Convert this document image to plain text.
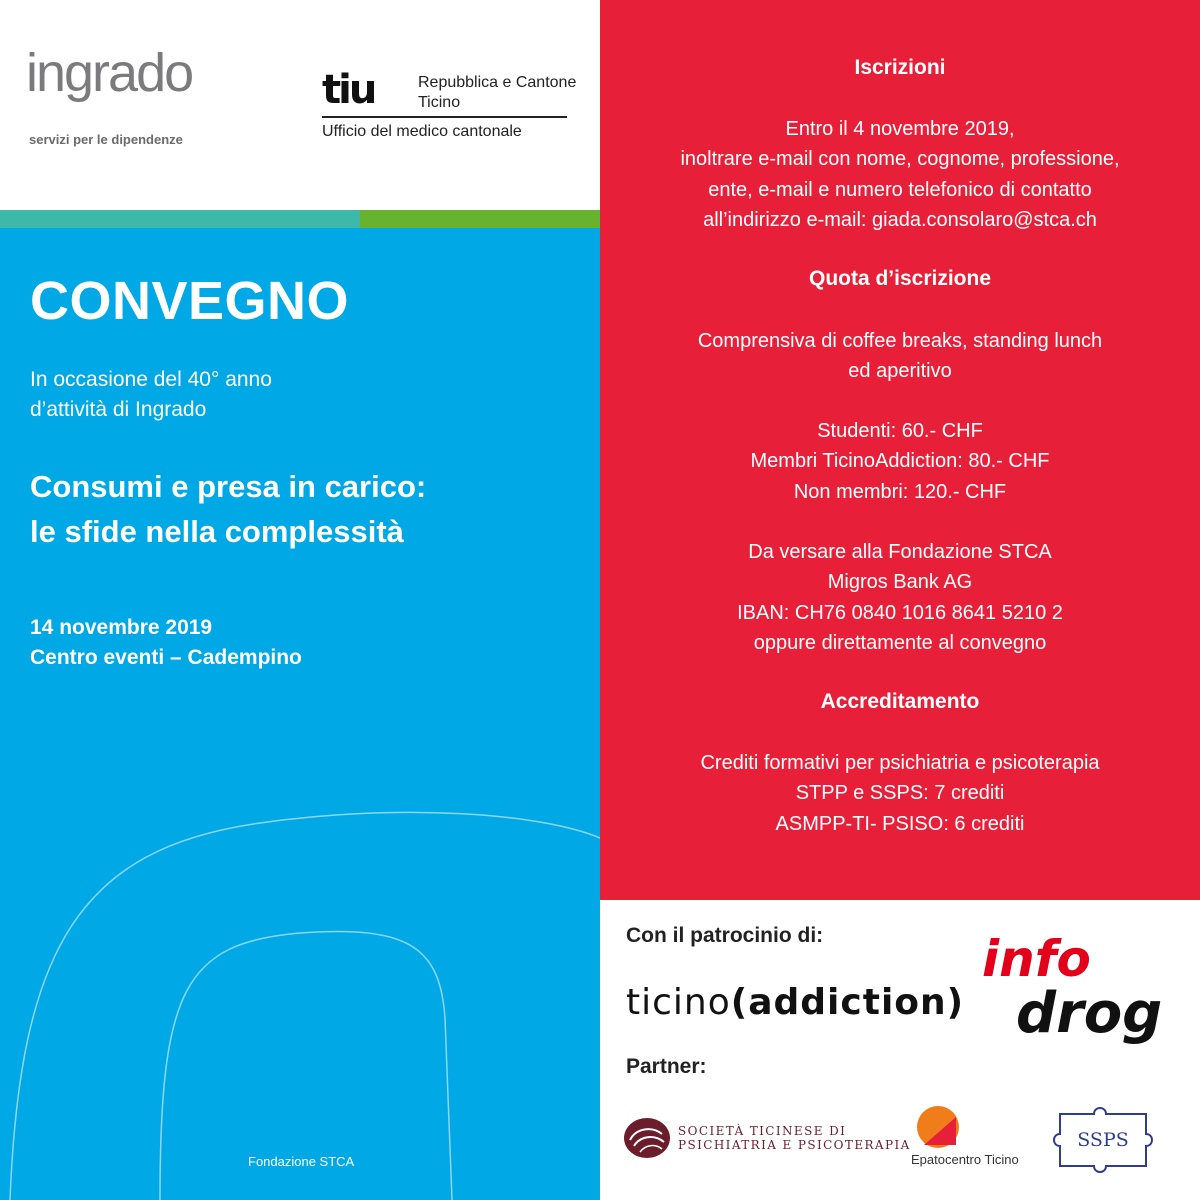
ingrado
servizi per le dipendenze
tiu	Repubblica e Cantone
Ticino
Ufficio del medico cantonale
CONVEGNO
In occasione del 40° anno
d’attività di Ingrado
Consumi e presa in carico:
le sfide nella complessità
14 novembre 2019
Centro eventi – Cadempino
Fondazione STCA
Iscrizioni
Entro il 4 novembre 2019,
inoltrare e-mail con nome, cognome, professione,
ente, e-mail e numero telefonico di contatto
all’indirizzo e-mail: giada.consolaro@stca.ch
Quota d’iscrizione
Comprensiva di coffee breaks, standing lunch
ed aperitivo
Studenti: 60.- CHF
Membri TicinoAddiction: 80.- CHF
Non membri: 120.- CHF
Da versare alla Fondazione STCA
Migros Bank AG
IBAN: CH76 0840 1016 8641 5210 2
oppure direttamente al convegno
Accreditamento
Crediti formativi per psichiatria e psicoterapia
STPP e SSPS: 7 crediti
ASMPP-TI- PSISO: 6 crediti
Con il patrocinio di:
ticino(addiction)
info
drog
Partner:
SOCIETÀ TICINESE DI
PSICHIATRIA E PSICOTERAPIA
Epatocentro Ticino
SSPS
